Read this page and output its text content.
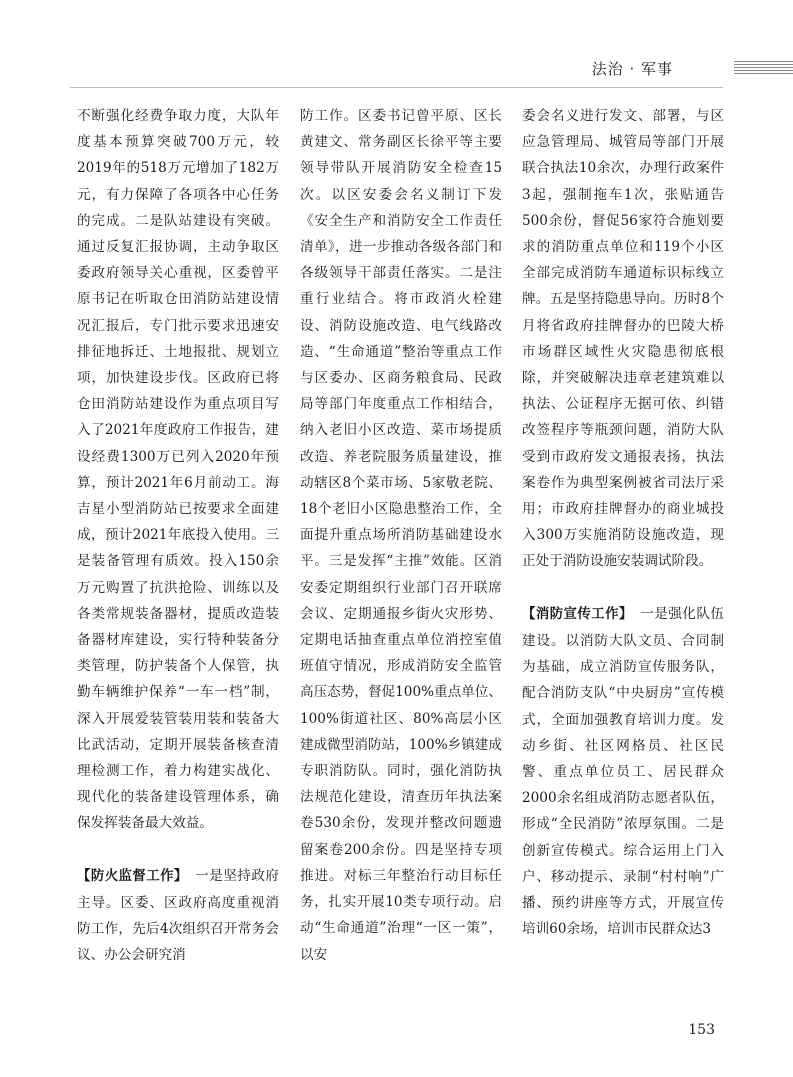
法治 · 军事

不断强化经费争取力度，大队年度基本预算突破700万元，较2019年的518万元增加了182万元，有力保障了各项各中心任务的完成。二是队站建设有突破。通过反复汇报协调，主动争取区委政府领导关心重视，区委曾平原书记在听取仓田消防站建设情况汇报后，专门批示要求迅速安排征地拆迁、土地报批、规划立项，加快建设步伐。区政府已将仓田消防站建设作为重点项目写入了2021年度政府工作报告，建设经费1300万已列入2020年预算，预计2021年6月前动工。海吉星小型消防站已按要求全面建成，预计2021年底投入使用。三是装备管理有质效。投入150余万元购置了抗洪抢险、训练以及各类常规装备器材，提质改造装备器材库建设，实行特种装备分类管理，防护装备个人保管，执勤车辆维护保养“一车一档”制，深入开展爱装管装用装和装备大比武活动，定期开展装备核查清理检测工作，着力构建实战化、现代化的装备建设管理体系，确保发挥装备最大效益。

【防火监督工作】　 一是坚持政府主导。区委、区政府高度重视消防工作，先后4次组织召开常务会议、办公会研究消

防工作。区委书记曾平原、区长黄建文、常务副区长徐平等主要领导带队开展消防安全检查15次。以区安委会名义制订下发《安全生产和消防安全工作责任清单》，进一步推动各级各部门和各级领导干部责任落实。二是注重行业结合。将市政消火栓建设、消防设施改造、电气线路改造、“生命通道”整治等重点工作与区委办、区商务粮食局、民政局等部门年度重点工作相结合，纳入老旧小区改造、菜市场提质改造、养老院服务质量建设，推动辖区8个菜市场、5家敬老院、18个老旧小区隐患整治工作，全面提升重点场所消防基础建设水平。三是发挥“主推”效能。区消安委定期组织行业部门召开联席会议、定期通报乡街火灾形势、定期电话抽查重点单位消控室值班值守情况，形成消防安全监管高压态势，督促100%重点单位、100%街道社区、80%高层小区建成微型消防站，100%乡镇建成专职消防队。同时，强化消防执法规范化建设，清查历年执法案卷530余份，发现并整改问题遗留案卷200余份。四是坚持专项推进。对标三年整治行动目标任务，扎实开展10类专项行动。启动“生命通道”治理“一区一策”，以安

委会名义进行发文、部署，与区应急管理局、城管局等部门开展联合执法10余次，办理行政案件3起，强制拖车1次，张贴通告500余份，督促56家符合施划要求的消防重点单位和119个小区全部完成消防车通道标识标线立牌。五是坚持隐患导向。历时8个月将省政府挂牌督办的巴陵大桥市场群区域性火灾隐患彻底根除，并突破解决违章老建筑难以执法、公证程序无据可依、纠错改签程序等瓶颈问题，消防大队受到市政府发文通报表扬，执法案卷作为典型案例被省司法厅采用；市政府挂牌督办的商业城投入300万实施消防设施改造，现正处于消防设施安装调试阶段。

【消防宣传工作】　 一是强化队伍建设。以消防大队文员、合同制为基础，成立消防宣传服务队，配合消防支队“中央厨房”宣传模式，全面加强教育培训力度。发动乡街、社区网格员、社区民警、重点单位员工、居民群众2000余名组成消防志愿者队伍，形成“全民消防”浓厚氛围。二是创新宣传模式。综合运用上门入户、移动提示、录制“村村响”广播、预约讲座等方式，开展宣传培训60余场，培训市民群众达3

153
